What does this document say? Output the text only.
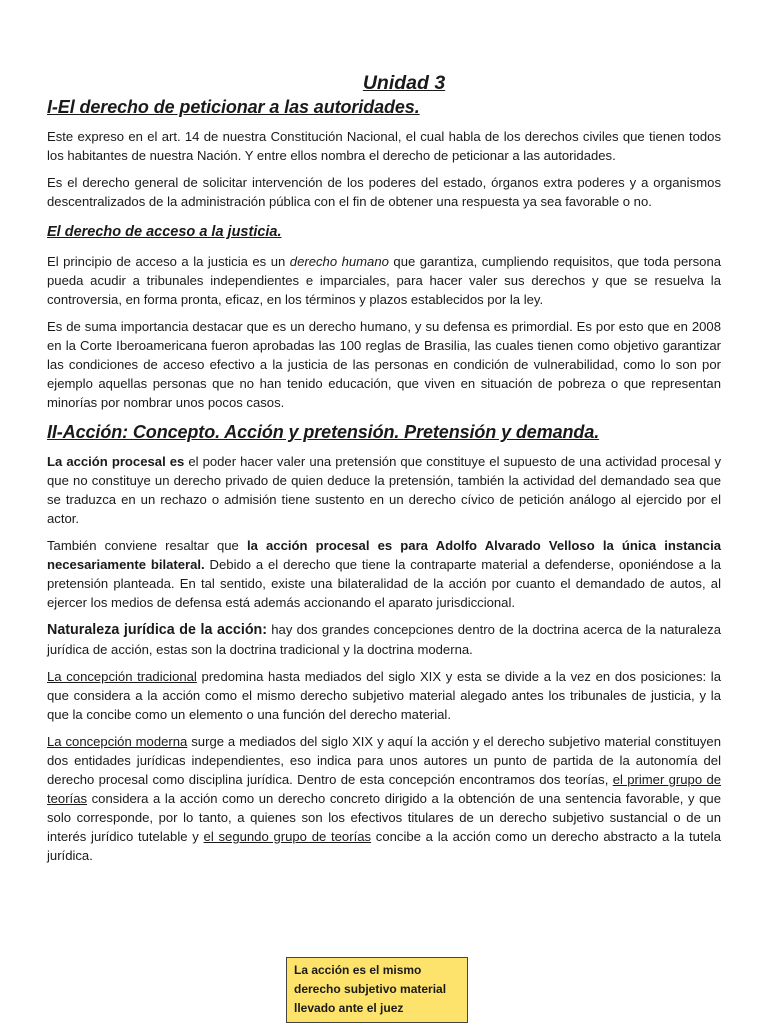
Unidad 3
I-El derecho de peticionar a las autoridades.

Este expreso en el art. 14 de nuestra Constitución Nacional, el cual habla de los derechos civiles que tienen todos los habitantes de nuestra Nación. Y entre ellos nombra el derecho de peticionar a las autoridades.

Es el derecho general de solicitar intervención de los poderes del estado, órganos extra poderes y a organismos descentralizados de la administración pública con el fin de obtener una respuesta ya sea favorable o no.

El derecho de acceso a la justicia.

El principio de acceso a la justicia es un derecho humano que garantiza, cumpliendo requisitos, que toda persona pueda acudir a tribunales independientes e imparciales, para hacer valer sus derechos y que se resuelva la controversia, en forma pronta, eficaz, en los términos y plazos establecidos por la ley.

Es de suma importancia destacar que es un derecho humano, y su defensa es primordial. Es por esto que en 2008 en la Corte Iberoamericana fueron aprobadas las 100 reglas de Brasilia, las cuales tienen como objetivo garantizar las condiciones de acceso efectivo a la justicia de las personas en condición de vulnerabilidad, como lo son por ejemplo aquellas personas que no han tenido educación, que viven en situación de pobreza o que representan minorías por nombrar unos pocos casos.

II-Acción: Concepto. Acción y pretensión. Pretensión y demanda.

La acción procesal es el poder hacer valer una pretensión que constituye el supuesto de una actividad procesal y que no constituye un derecho privado de quien deduce la pretensión, también la actividad del demandado sea que se traduzca en un rechazo o admisión tiene sustento en un derecho cívico de petición análogo al ejercido por el actor.

También conviene resaltar que la acción procesal es para Adolfo Alvarado Velloso la única instancia necesariamente bilateral. Debido a el derecho que tiene la contraparte material a defenderse, oponiéndose a la pretensión planteada. En tal sentido, existe una bilateralidad de la acción por cuanto el demandado de autos, al ejercer los medios de defensa está además accionando el aparato jurisdiccional.

Naturaleza jurídica de la acción: hay dos grandes concepciones dentro de la doctrina acerca de la naturaleza jurídica de acción, estas son la doctrina tradicional y la doctrina moderna.

La concepción tradicional predomina hasta mediados del siglo XIX y esta se divide a la vez en dos posiciones: la que considera a la acción como el mismo derecho subjetivo material alegado antes los tribunales de justicia, y la que la concibe como un elemento o una función del derecho material.

La concepción moderna surge a mediados del siglo XIX y aquí la acción y el derecho subjetivo material constituyen dos entidades jurídicas independientes, eso indica para unos autores un punto de partida de la autonomía del derecho procesal como disciplina jurídica. Dentro de esta concepción encontramos dos teorías, el primer grupo de teorías considera a la acción como un derecho concreto dirigido a la obtención de una sentencia favorable, y que solo corresponde, por lo tanto, a quienes son los efectivos titulares de un derecho subjetivo sustancial o de un interés jurídico tutelable y el segundo grupo de teorías concibe a la acción como un derecho abstracto a la tutela jurídica.

La acción es el mismo
derecho subjetivo material
llevado ante el juez
